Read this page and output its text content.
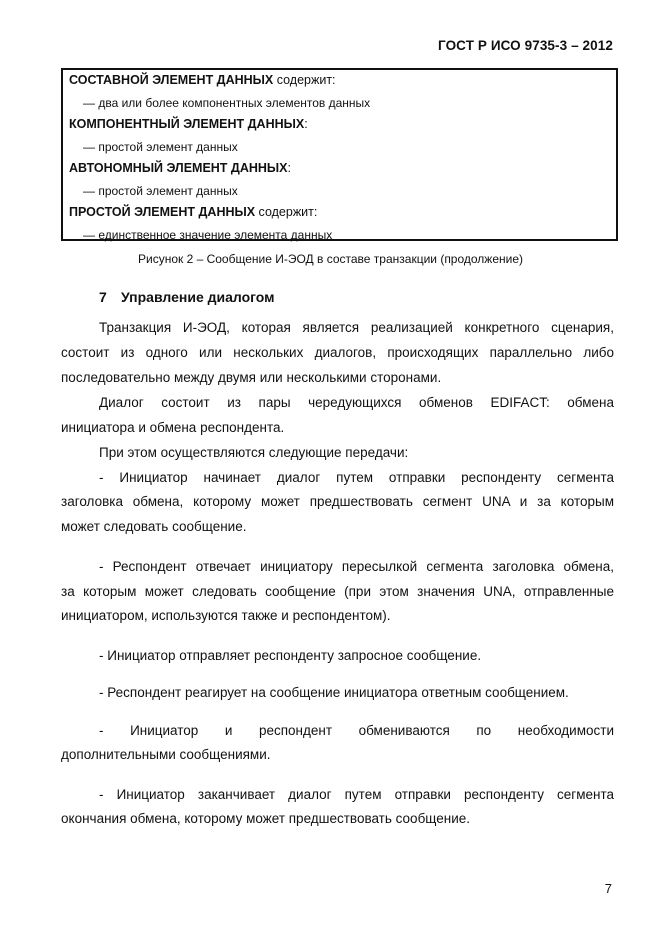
ГОСТ Р ИСО 9735-3 – 2012
СОСТАВНОЙ ЭЛЕМЕНТ ДАННЫХ содержит:
— два или более компонентных элементов данных
КОМПОНЕНТНЫЙ ЭЛЕМЕНТ ДАННЫХ:
— простой элемент данных
АВТОНОМНЫЙ ЭЛЕМЕНТ ДАННЫХ:
— простой элемент данных
ПРОСТОЙ ЭЛЕМЕНТ ДАННЫХ содержит:
— единственное значение элемента данных
Рисунок 2 – Сообщение И-ЭОД в составе транзакции (продолжение)
7 Управление диалогом
Транзакция И-ЭОД, которая является реализацией конкретного сценария,
состоит из одного или нескольких диалогов, происходящих параллельно либо
последовательно между двумя или несколькими сторонами.
Диалог состоит из пары чередующихся обменов EDIFACT: обмена
инициатора и обмена респондента.
При этом осуществляются следующие передачи:
- Инициатор начинает диалог путем отправки респонденту сегмента
заголовка обмена, которому может предшествовать сегмент UNA и за которым
может следовать сообщение.
- Респондент отвечает инициатору пересылкой сегмента заголовка обмена,
за которым может следовать сообщение (при этом значения UNA, отправленные
инициатором, используются также и респондентом).
- Инициатор отправляет респонденту запросное сообщение.
- Респондент реагирует на сообщение инициатора ответным сообщением.
- Инициатор и респондент обмениваются по необходимости
дополнительными сообщениями.
- Инициатор заканчивает диалог путем отправки респонденту сегмента
окончания обмена, которому может предшествовать сообщение.
7
